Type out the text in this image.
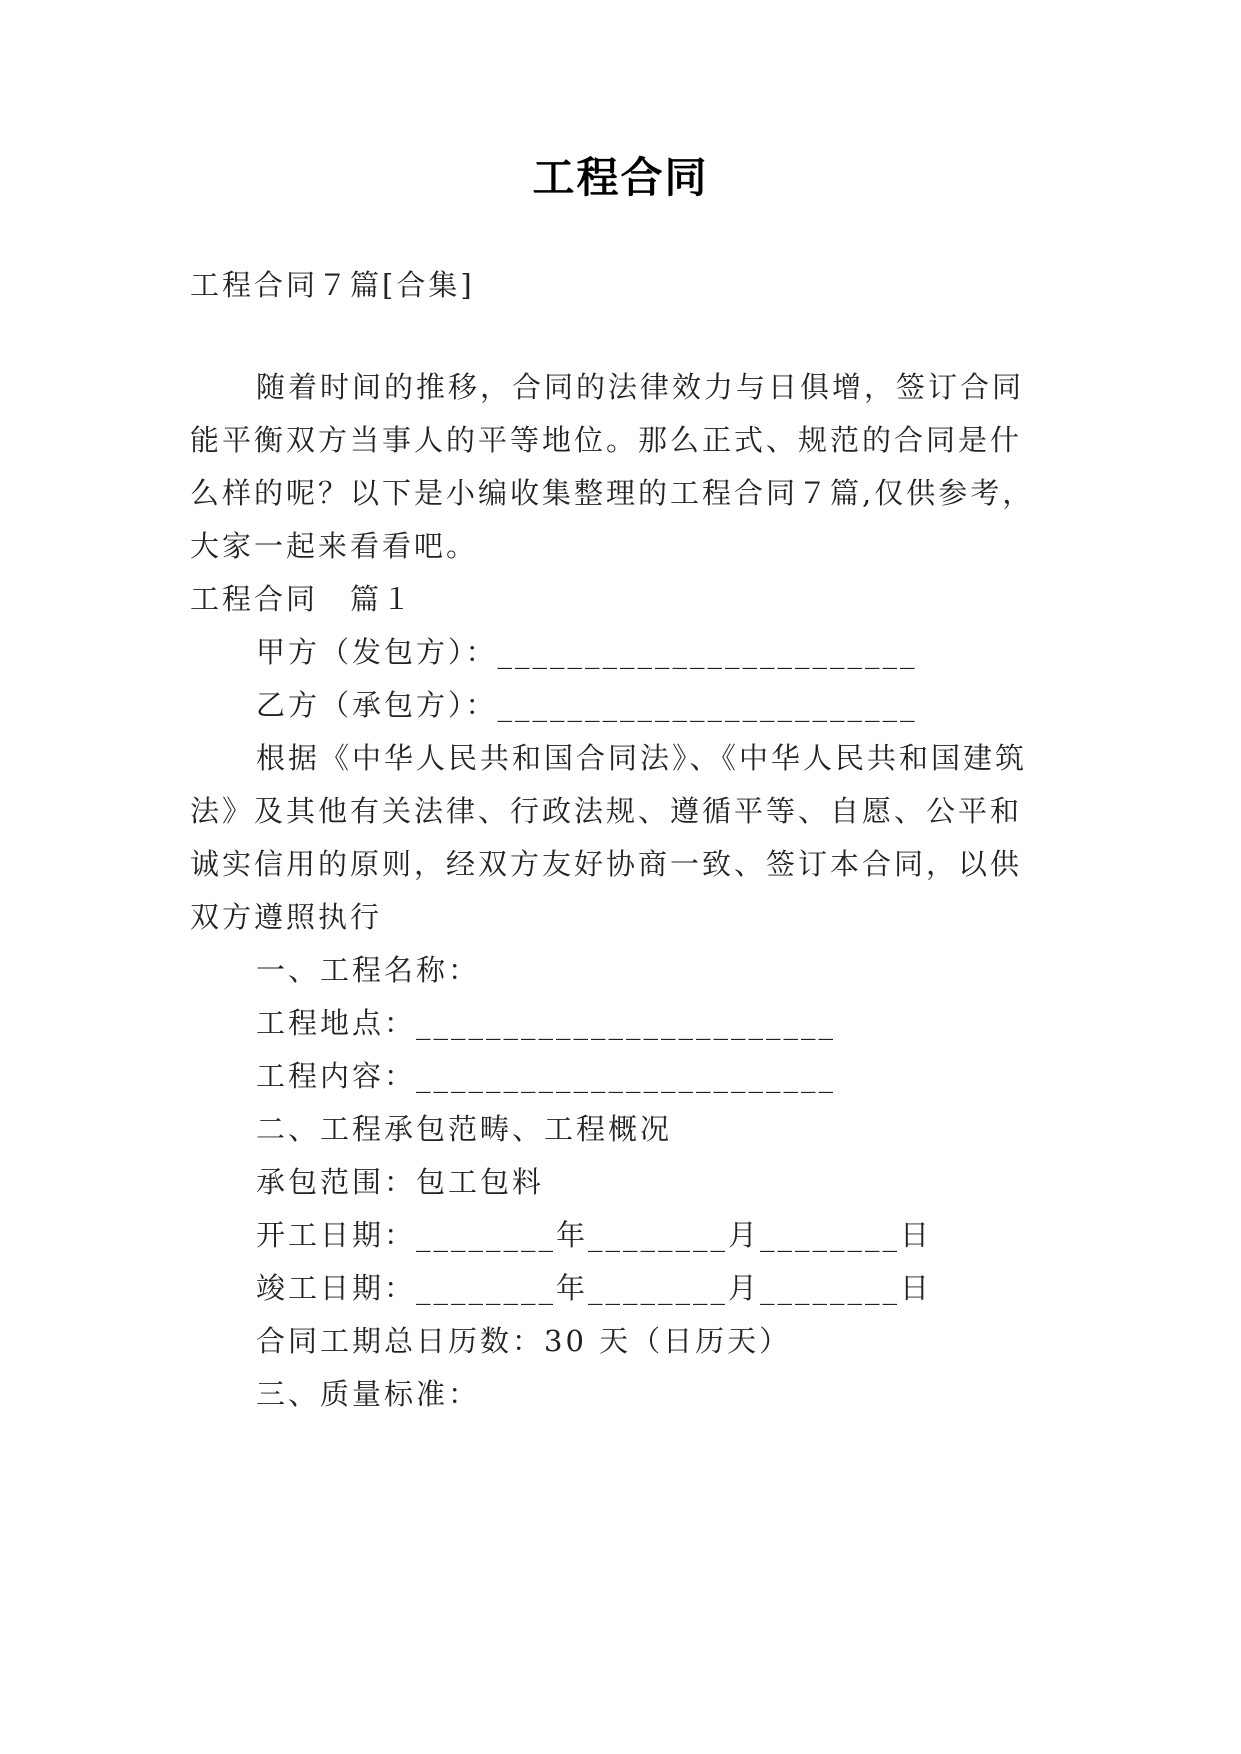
工程合同
工程合同７篇[合集]
随着时间的推移，合同的法律效力与日俱增，签订合同
能平衡双方当事人的平等地位。那么正式、规范的合同是什
么样的呢？以下是小编收集整理的工程合同７篇,仅供参考，
大家一起来看看吧。
工程合同　篇１
甲方（发包方）：________________________
乙方（承包方）：________________________
根据《中华人民共和国合同法》、《中华人民共和国建筑
法》及其他有关法律、行政法规、遵循平等、自愿、公平和
诚实信用的原则，经双方友好协商一致、签订本合同，以供
双方遵照执行
一、工程名称：
工程地点：________________________
工程内容：________________________
二、工程承包范畴、工程概况
承包范围：包工包料
开工日期：________年________月________日
竣工日期：________年________月________日
合同工期总日历数：30 天（日历天）
三、质量标准：
